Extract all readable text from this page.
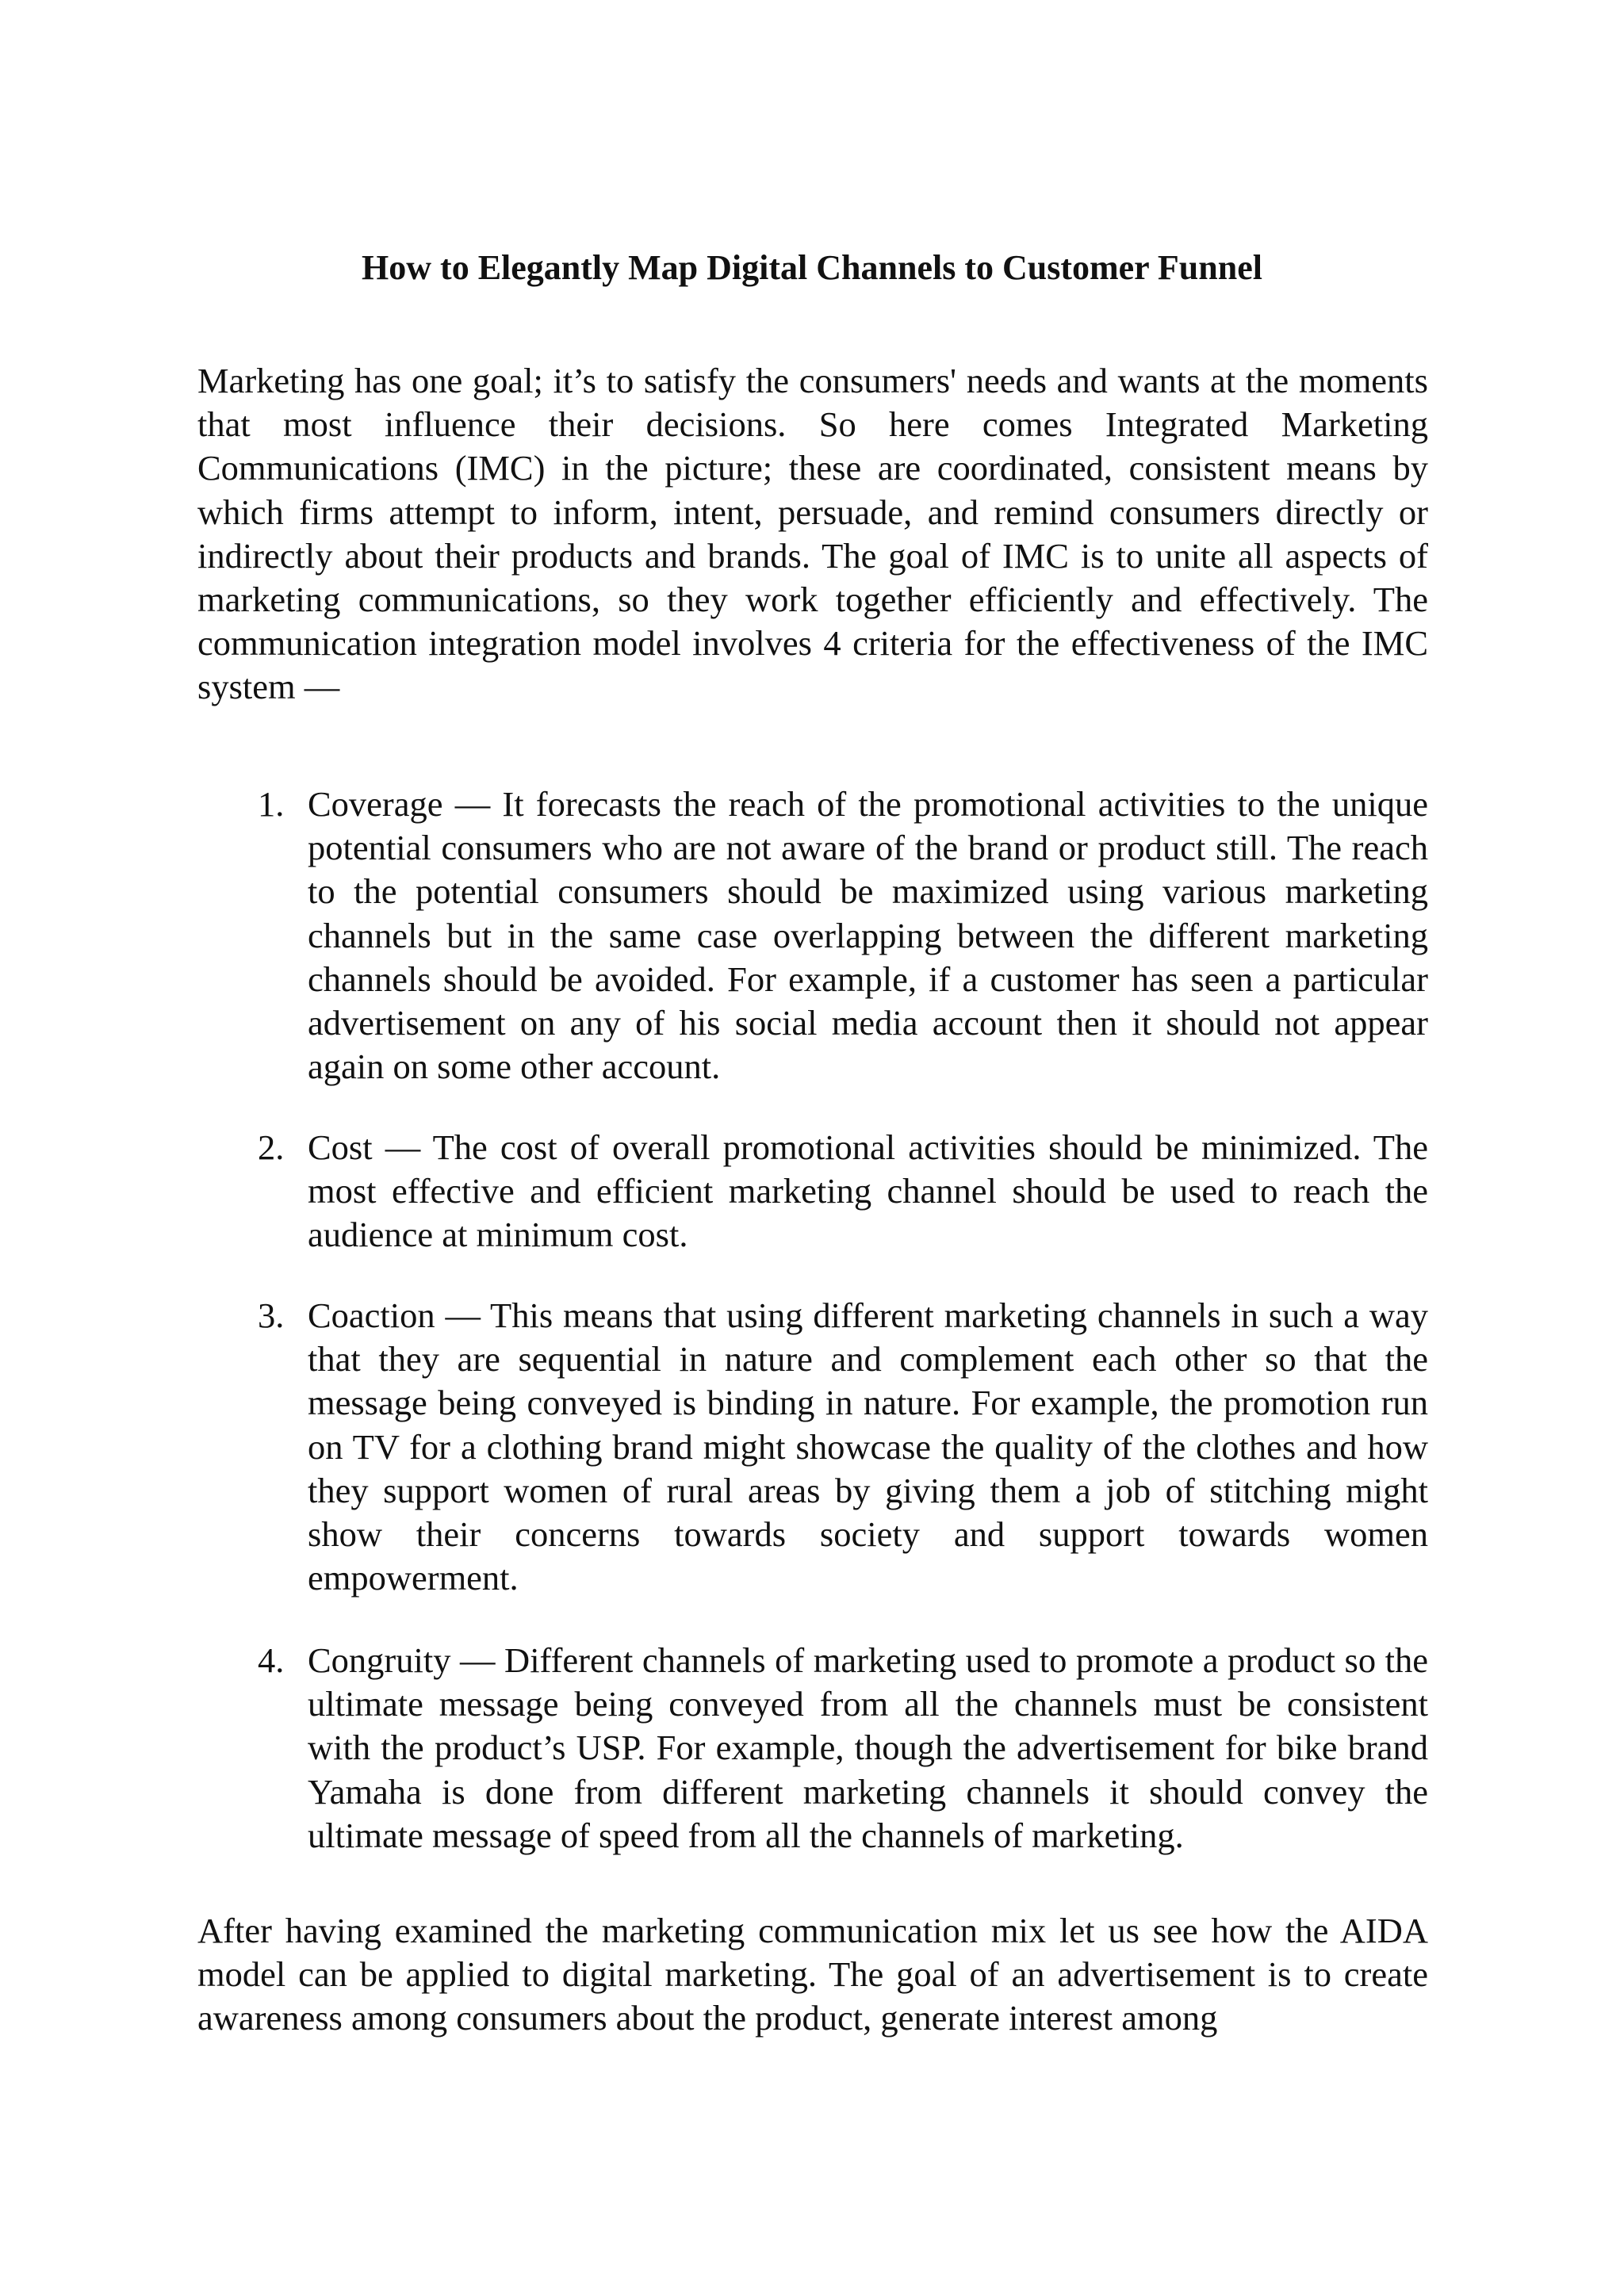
How to Elegantly Map Digital Channels to Customer Funnel

Marketing has one goal; it’s to satisfy the consumers' needs and wants at the moments that most influence their decisions. So here comes Integrated Marketing Communications (IMC) in the picture; these are coordinated, consistent means by which firms attempt to inform, intent, persuade, and remind consumers directly or indirectly about their products and brands. The goal of IMC is to unite all aspects of marketing communications, so they work together efficiently and effectively. The communication integration model involves 4 criteria for the effectiveness of the IMC system —

1. Coverage — It forecasts the reach of the promotional activities to the unique potential consumers who are not aware of the brand or product still. The reach to the potential consumers should be maximized using various marketing channels but in the same case overlapping between the different marketing channels should be avoided. For example, if a customer has seen a particular advertisement on any of his social media account then it should not appear again on some other account.
2. Cost — The cost of overall promotional activities should be minimized. The most effective and efficient marketing channel should be used to reach the audience at minimum cost.
3. Coaction — This means that using different marketing channels in such a way that they are sequential in nature and complement each other so that the message being conveyed is binding in nature. For example, the promotion run on TV for a clothing brand might showcase the quality of the clothes and how they support women of rural areas by giving them a job of stitching might show their concerns towards society and support towards women empowerment.
4. Congruity — Different channels of marketing used to promote a product so the ultimate message being conveyed from all the channels must be consistent with the product’s USP. For example, though the advertisement for bike brand Yamaha is done from different marketing channels it should convey the ultimate message of speed from all the channels of marketing.

After having examined the marketing communication mix let us see how the AIDA model can be applied to digital marketing. The goal of an advertisement is to create awareness among consumers about the product, generate interest among
